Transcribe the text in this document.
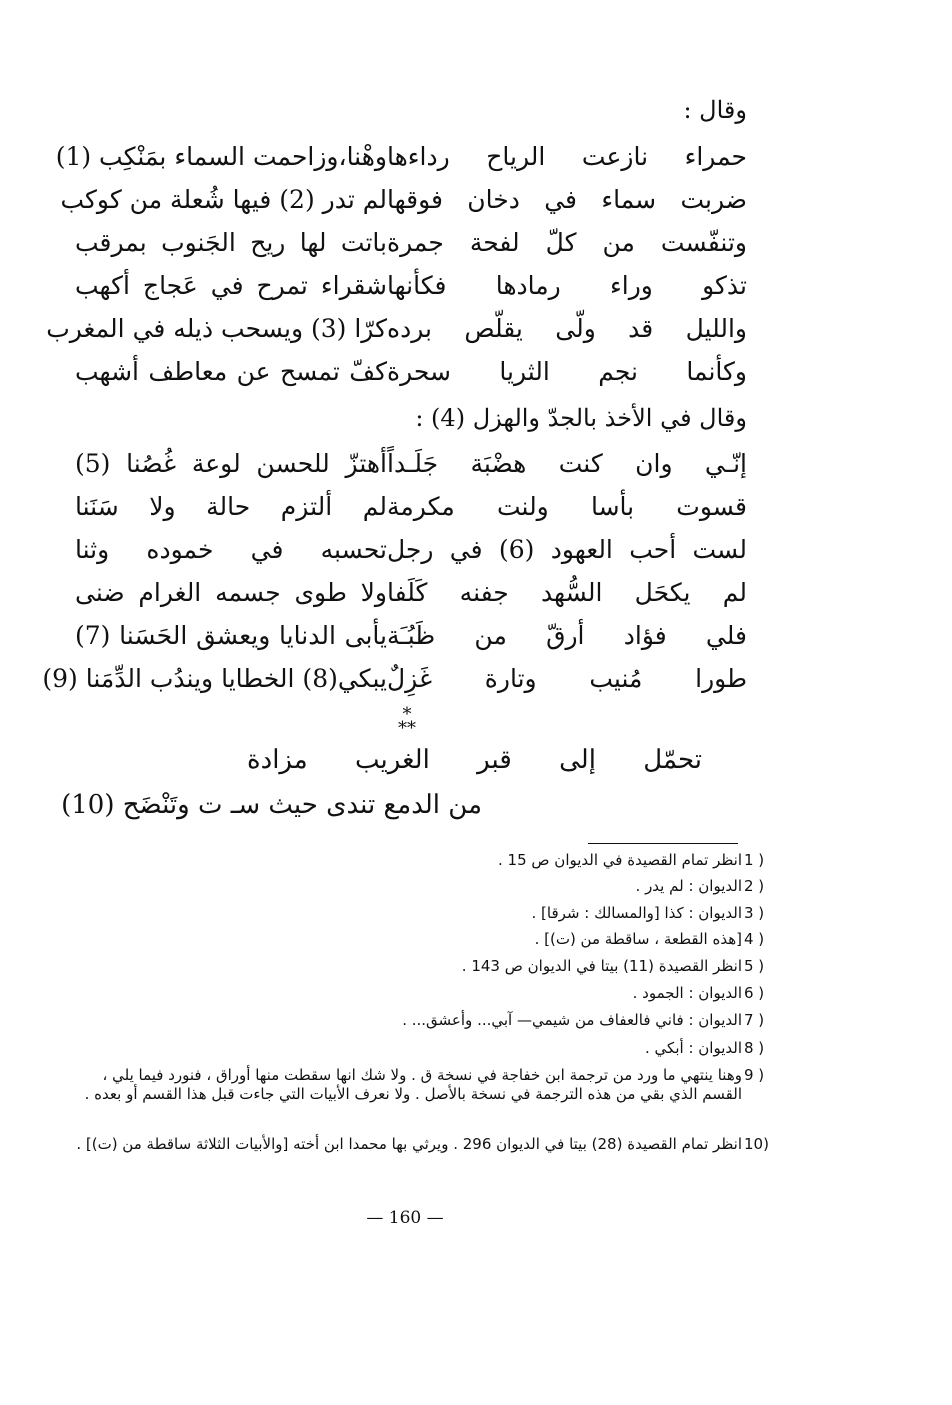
وقال :
حمراء نازعت الرياح رداءها
وهْنا،وزاحمت السماء بمَنْكِب (1)
ضربت سماء في دخان فوقها
لم تدر (2) فيها شُعلة من كوكب
وتنفّست من كلّ لفحة جمرة
باتت لها ريح الجَنوب بمرقب
تذكو وراء رمادها فكأنها
شقراء تمرح في عَجاج أكهب
والليل قد ولّى يقلّص برده
كرّا (3) ويسحب ذيله في المغرب
وكأنما نجم الثريا سحرة
كفّ تمسح عن معاطف أشهب
وقال في الأخذ بالجدّ والهزل (4) :
إنّـي وان كنت هضْبَة جَلَـداً
أهتزّ للحسن لوعة غُصُنا (5)
قسوت بأسا ولنت مكرمة
لم ألتزم حالة ولا سَنَنا
لست أحب العهود (6) في رجل
تحسبه في خموده وثنا
لم يكحَل السُّهد جفنه كَلَفا
ولا طوى جسمه الغرام ضنى
فلي فؤاد أرقّ من ظَبُـَة
يأبى الدنايا ويعشق الحَسَنا (7)
طورا مُنيب وتارة غَزِلٌ
يبكي(8) الخطايا ويندُب الدِّمَنا (9)
*
**
تحمّل إلى قبر الغريب مزادة
من الدمع تندى حيث سـ ت وتَنْضَح (10)
1 )
انظر تمام القصيدة في الديوان ص 15 .
2 )
الديوان : لم يدر .
3 )
الديوان : كذا [والمسالك : شرقا] .
4 )
[هذه القطعة ، ساقطة من (ت)] .
5 )
انظر القصيدة (11) بيتا في الديوان ص 143 .
6 )
الديوان : الجمود .
7 )
الديوان : فاني فالعفاف من شيمي— آبي... وأعشق... .
8 )
الديوان : أبكي .
9 )
وهنا ينتهي ما ورد من ترجمة ابن خفاجة في نسخة ق . ولا شك انها سقطت منها أوراق ، فنورد فيما يلي ، القسم الذي بقي من هذه الترجمة في نسخة بالأصل . ولا نعرف الأبيات التي جاءت قبل هذا القسم أو بعده .
10)
انظر تمام القصيدة (28) بيتا في الديوان 296 . ويرثي بها محمدا ابن أخته [والأبيات الثلاثة ساقطة من (ت)] .
— 160 —
